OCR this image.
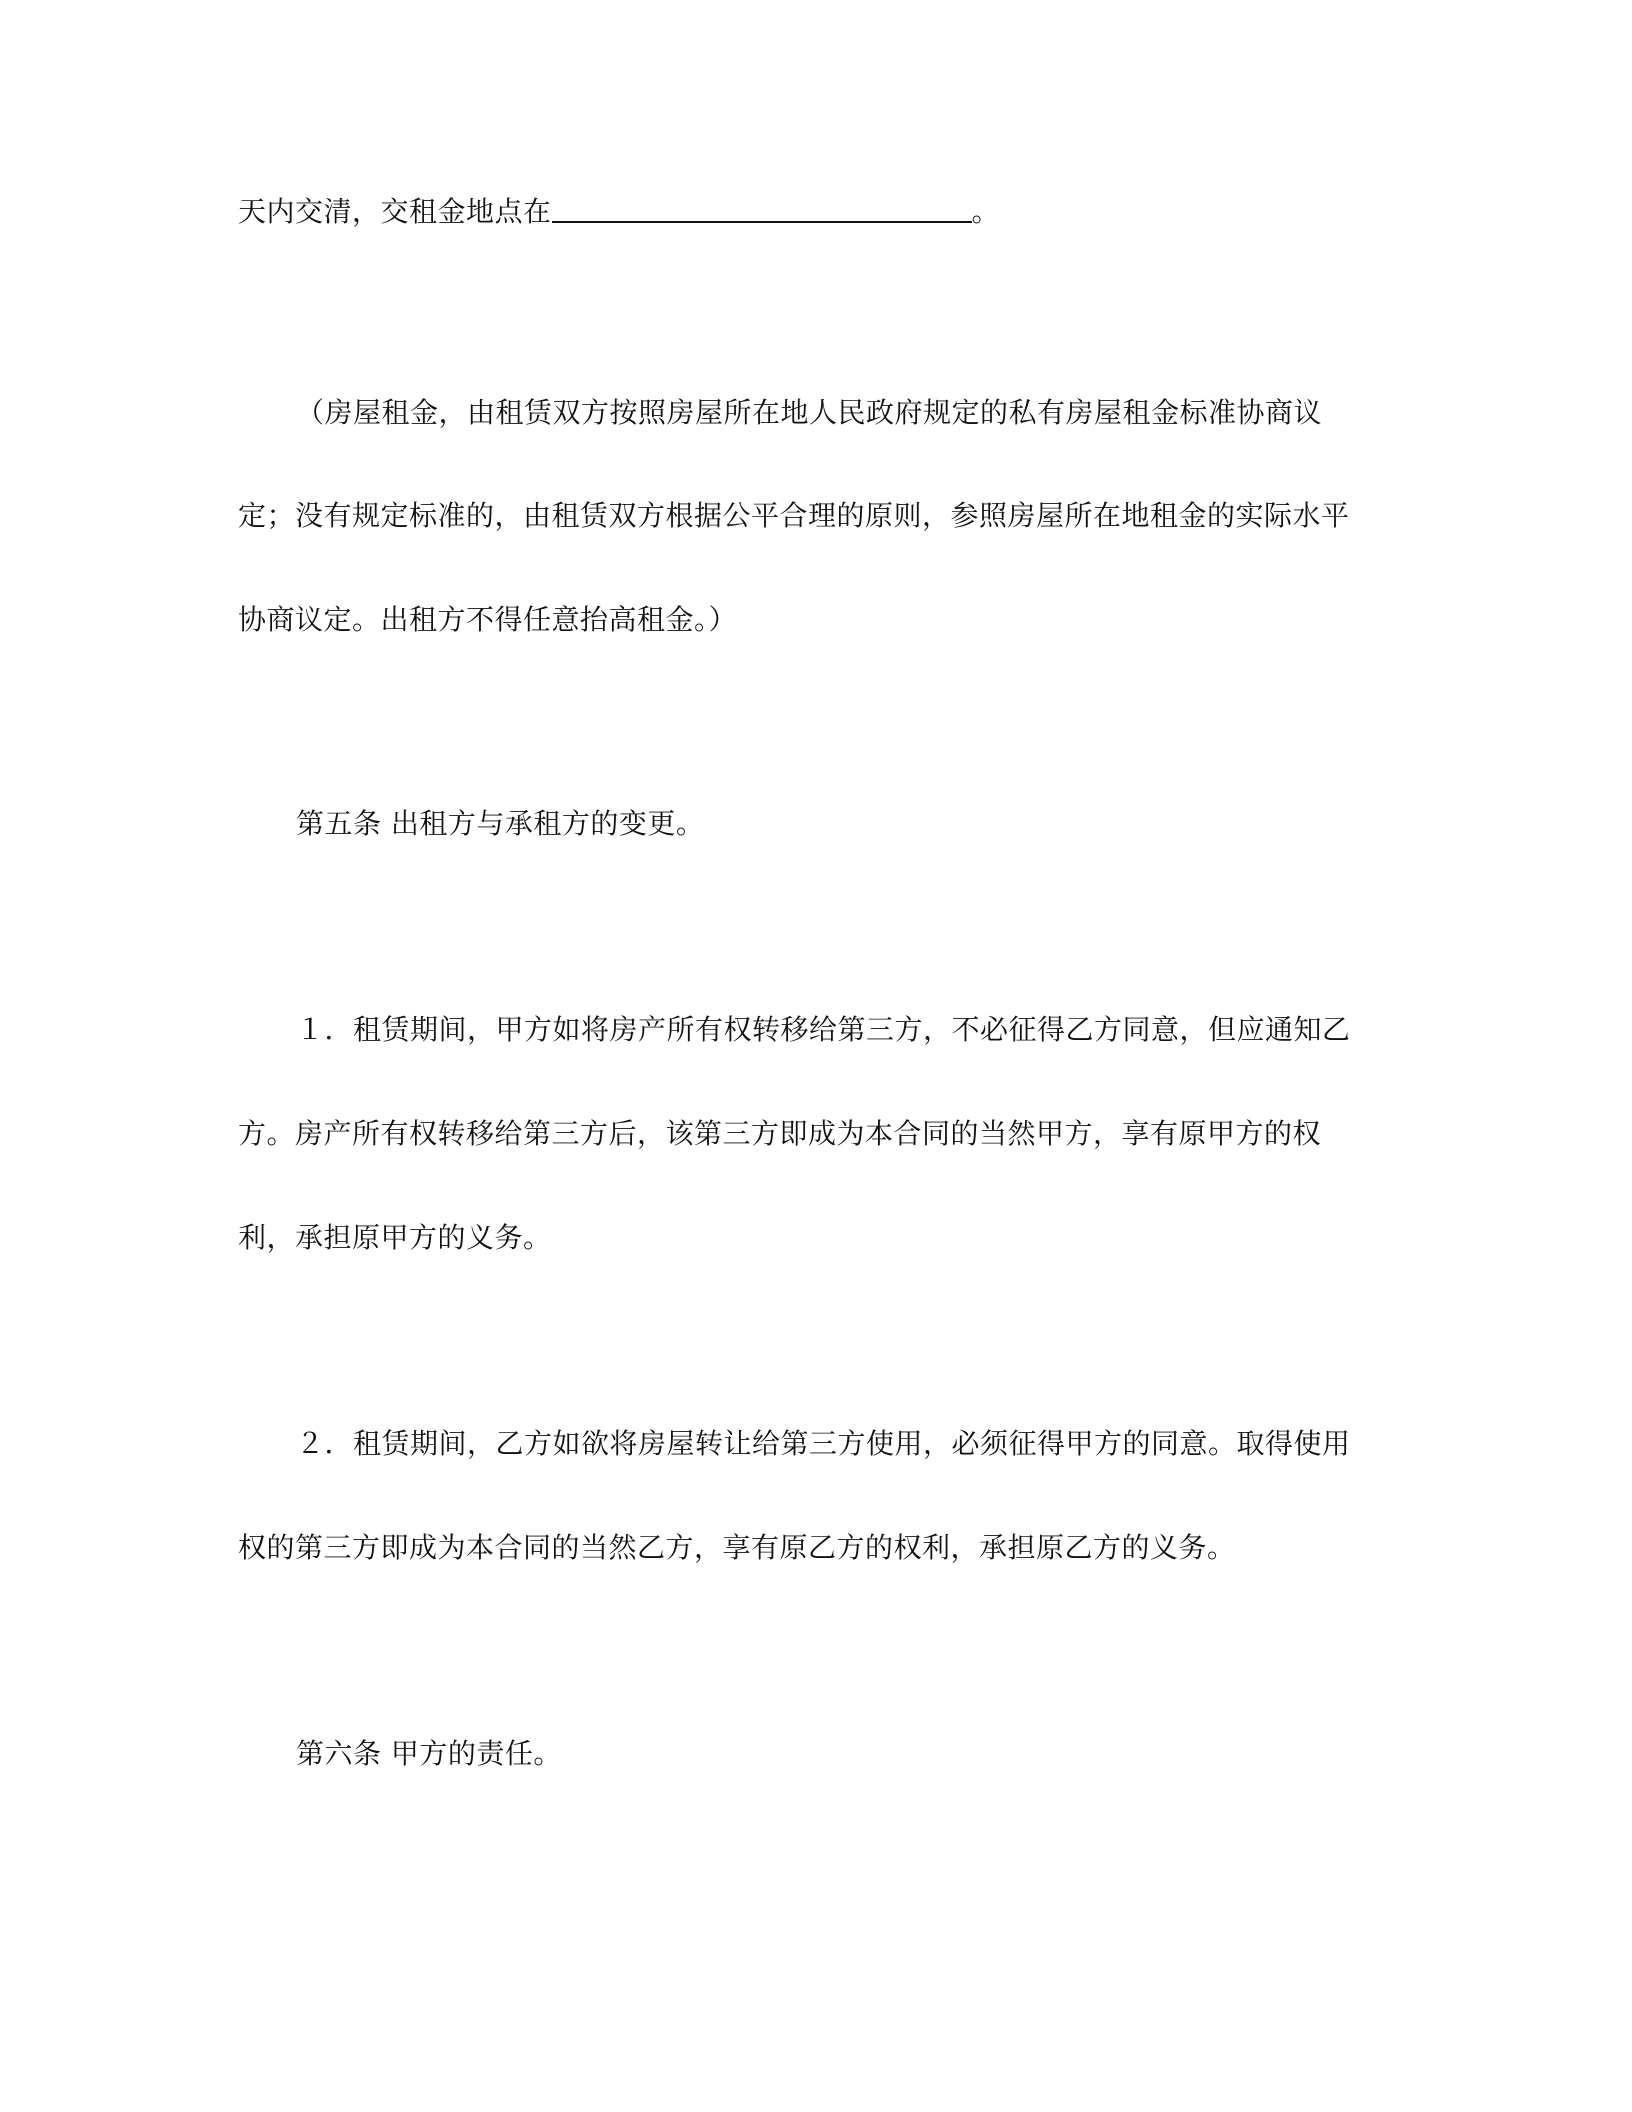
天内交清，交租金地点在	。
（房屋租金，由租赁双方按照房屋所在地人民政府规定的私有房屋租金标准协商议
定；没有规定标准的，由租赁双方根据公平合理的原则，参照房屋所在地租金的实际水平
协商议定。出租方不得任意抬高租金。）
第五条 出租方与承租方的变更。
１．租赁期间，甲方如将房产所有权转移给第三方，不必征得乙方同意，但应通知乙
方。房产所有权转移给第三方后，该第三方即成为本合同的当然甲方，享有原甲方的权
利，承担原甲方的义务。
２．租赁期间，乙方如欲将房屋转让给第三方使用，必须征得甲方的同意。取得使用
权的第三方即成为本合同的当然乙方，享有原乙方的权利，承担原乙方的义务。
第六条 甲方的责任。
